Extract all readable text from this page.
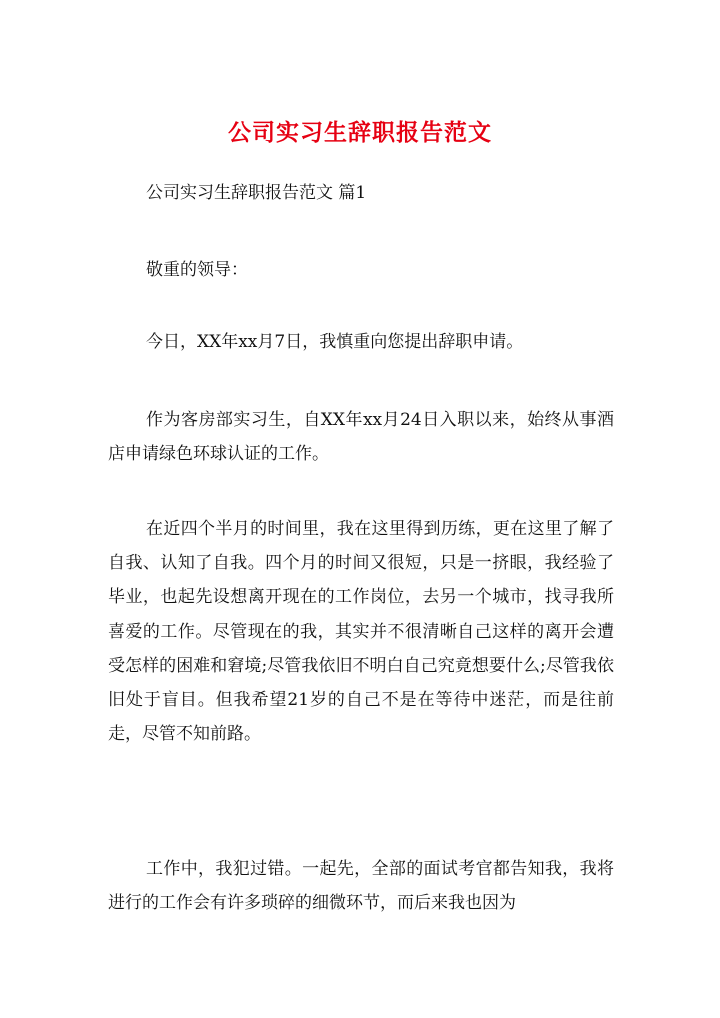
公司实习生辞职报告范文

公司实习生辞职报告范文 篇1

敬重的领导：

今日，XX年xx月7日，我慎重向您提出辞职申请。

作为客房部实习生，自XX年xx月24日入职以来，始终从事酒店申请绿色环球认证的工作。

在近四个半月的时间里，我在这里得到历练，更在这里了解了自我、认知了自我。四个月的时间又很短，只是一挤眼，我经验了毕业，也起先设想离开现在的工作岗位，去另一个城市，找寻我所喜爱的工作。尽管现在的我，其实并不很清晰自己这样的离开会遭受怎样的困难和窘境;尽管我依旧不明白自己究竟想要什么;尽管我依旧处于盲目。但我希望21岁的自己不是在等待中迷茫，而是往前走，尽管不知前路。

工作中，我犯过错。一起先，全部的面试考官都告知我，我将进行的工作会有许多琐碎的细微环节，而后来我也因为
